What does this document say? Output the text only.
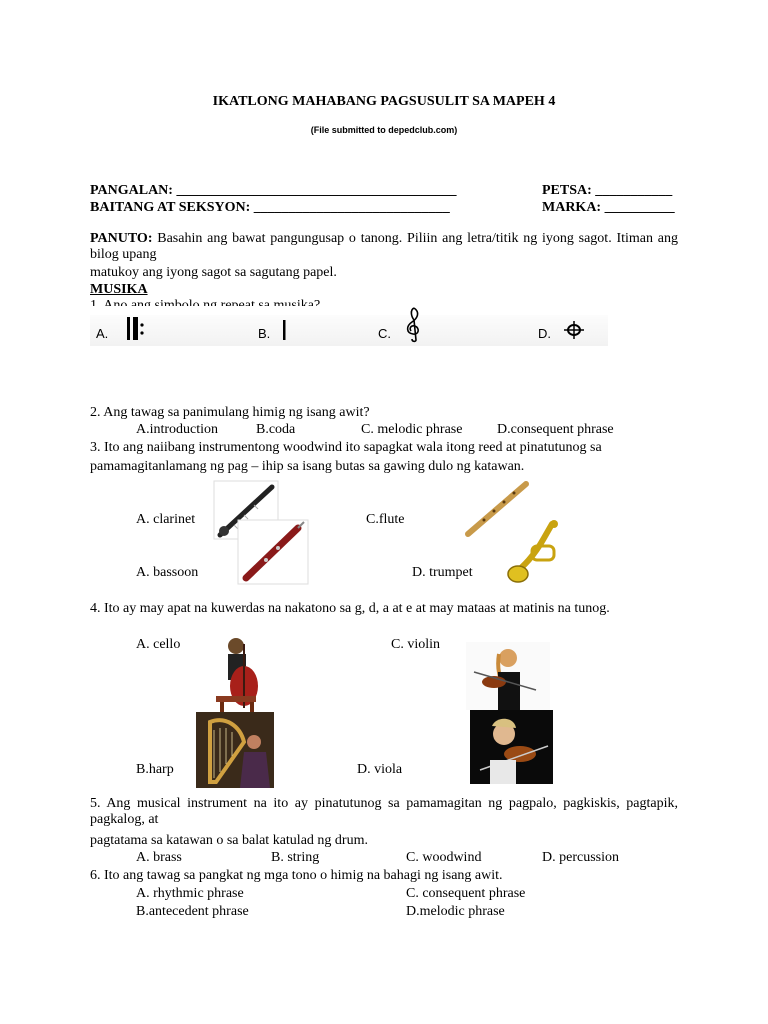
IKATLONG MAHABANG PAGSUSULIT SA MAPEH 4
(File submitted to depedclub.com)
PANGALAN: ________________________________________	PETSA: ___________
BAITANG AT SEKSYON: ____________________________	MARKA: __________
PANUTO: Basahin ang bawat pangungusap o tanong. Piliin ang letra/titik ng iyong sagot. Itiman ang bilog upang
matukoy ang iyong sagot sa sagutang papel.
MUSIKA
A.	B.	C.	D.
2. Ang tawag sa panimulang himig ng isang awit?
A.introduction	B.coda	C. melodic phrase D.consequent phrase
3. Ito ang naiibang instrumentong woodwind ito sapagkat wala itong reed at pinatutunog sa
pamamagitanlamang ng pag – ihip sa isang butas sa gawing dulo ng katawan.
A. clarinet	C.flute
A. bassoon	D. trumpet
4. Ito ay may apat na kuwerdas na nakatono sa g, d, a at e at may mataas at matinis na tunog.
A. cello	C. violin
B.harp	D. viola
5. Ang musical instrument na ito ay pinatutunog sa pamamagitan ng pagpalo, pagkiskis, pagtapik, pagkalog, at
pagtatama sa katawan o sa balat katulad ng drum.
A. brass	B. string	C. woodwind	D. percussion
6. Ito ang tawag sa pangkat ng mga tono o himig na bahagi ng isang awit.
A. rhythmic phrase	C. consequent phrase
B.antecedent phrase	D.melodic phrase
